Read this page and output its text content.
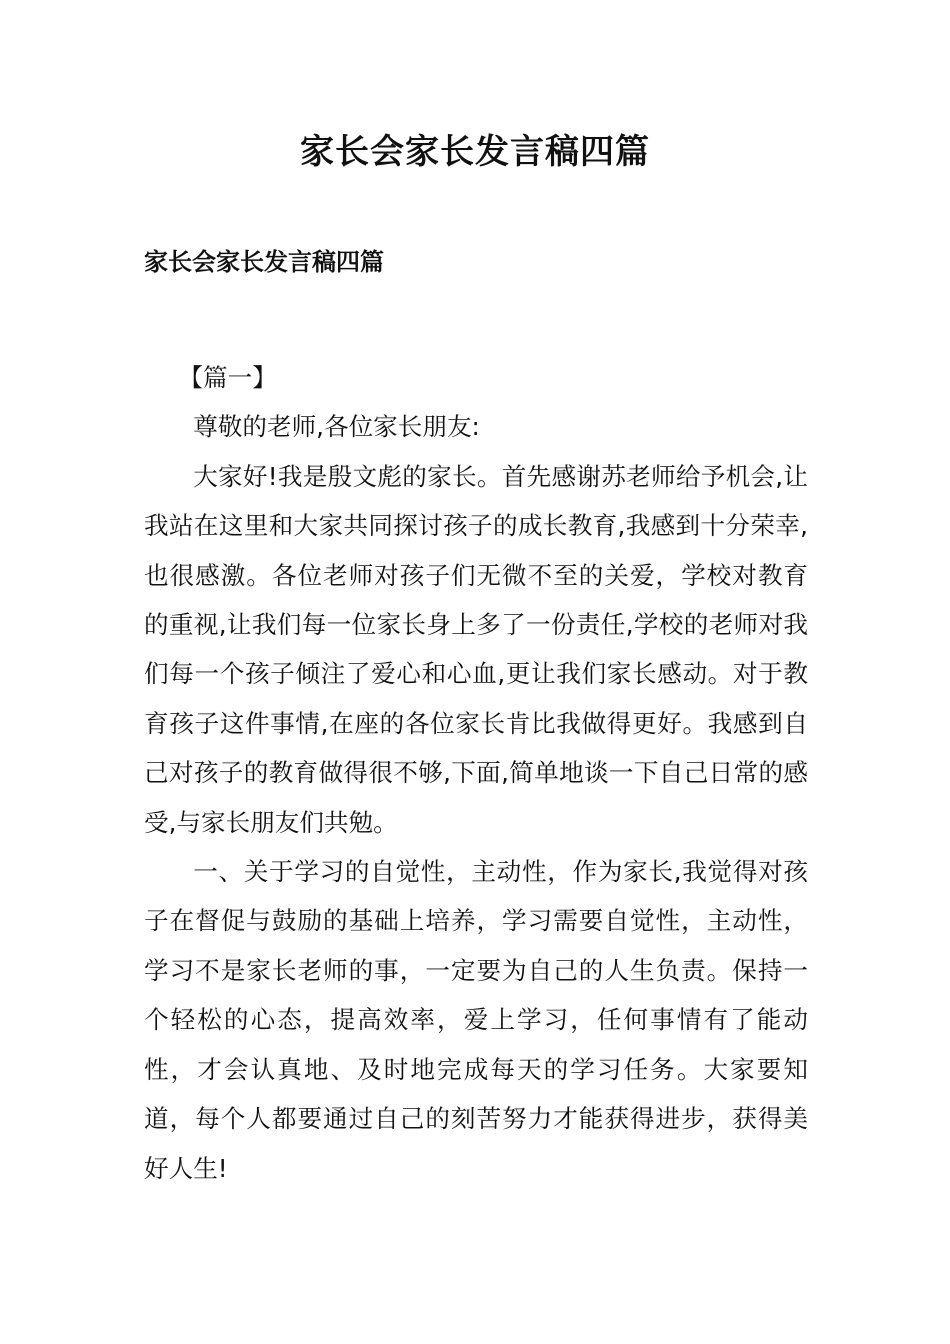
家长会家长发言稿四篇
家长会家长发言稿四篇

【篇一】

尊敬的老师,各位家长朋友:

大家好!我是殷文彪的家长。首先感谢苏老师给予机会,让我站在这里和大家共同探讨孩子的成长教育,我感到十分荣幸,也很感激。各位老师对孩子们无微不至的关爱，学校对教育的重视,让我们每一位家长身上多了一份责任,学校的老师对我们每一个孩子倾注了爱心和心血,更让我们家长感动。对于教育孩子这件事情,在座的各位家长肯比我做得更好。我感到自己对孩子的教育做得很不够,下面,简单地谈一下自己日常的感受,与家长朋友们共勉。

一、关于学习的自觉性，主动性，作为家长,我觉得对孩子在督促与鼓励的基础上培养，学习需要自觉性，主动性，学习不是家长老师的事，一定要为自己的人生负责。保持一个轻松的心态，提高效率，爱上学习，任何事情有了能动性，才会认真地、及时地完成每天的学习任务。大家要知道，每个人都要通过自己的刻苦努力才能获得进步，获得美好人生!
